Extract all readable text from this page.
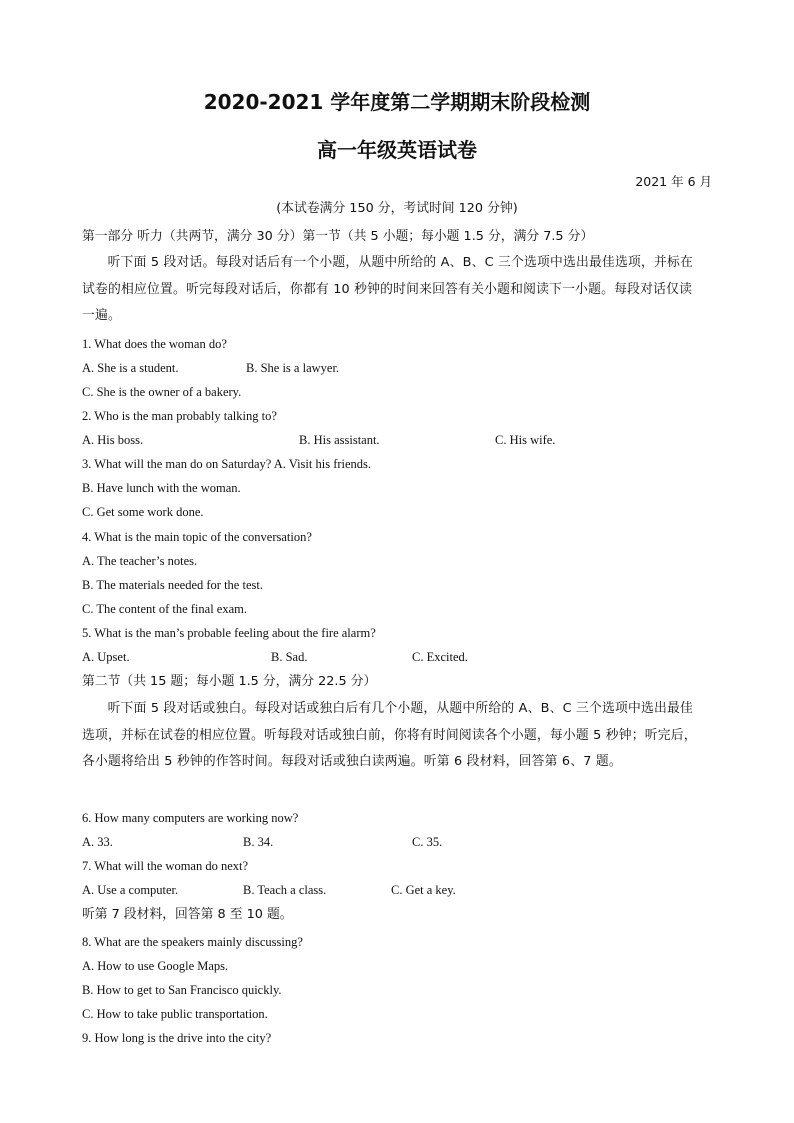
2020-2021 学年度第二学期期末阶段检测
高一年级英语试卷
2021 年 6 月
(本试卷满分 150 分，考试时间 120 分钟)
第一部分 听力（共两节，满分 30 分）第一节（共 5 小题；每小题 1.5 分，满分 7.5 分）
听下面 5 段对话。每段对话后有一个小题，从题中所给的 A、B、C 三个选项中选出最佳选项，并标在试卷的相应位置。听完每段对话后，你都有 10 秒钟的时间来回答有关小题和阅读下一小题。每段对话仅读一遍。
1. What does the woman do?
A. She is a student.	B. She is a lawyer.
C. She is the owner of a bakery.
2. Who is the man probably talking to?
A. His boss.	B. His assistant.	C. His wife.
3. What will the man do on Saturday? A. Visit his friends.
B. Have lunch with the woman.
C. Get some work done.
4. What is the main topic of the conversation?
A. The teacher’s notes.
B. The materials needed for the test.
C. The content of the final exam.
5. What is the man’s probable feeling about the fire alarm?
A. Upset.	B. Sad.	C. Excited.
第二节（共 15 题；每小题 1.5 分，满分 22.5 分）
听下面 5 段对话或独白。每段对话或独白后有几个小题，从题中所给的 A、B、C 三个选项中选出最佳选项，并标在试卷的相应位置。听每段对话或独白前，你将有时间阅读各个小题，每小题 5 秒钟；听完后，各小题将给出 5 秒钟的作答时间。每段对话或独白读两遍。听第 6 段材料，回答第 6、7 题。
6. How many computers are working now?
A. 33.	B. 34.	C. 35.
7. What will the woman do next?
A. Use a computer.	B. Teach a class.	C. Get a key.
听第 7 段材料，回答第 8 至 10 题。
8. What are the speakers mainly discussing?
A. How to use Google Maps.
B. How to get to San Francisco quickly.
C. How to take public transportation.
9. How long is the drive into the city?
